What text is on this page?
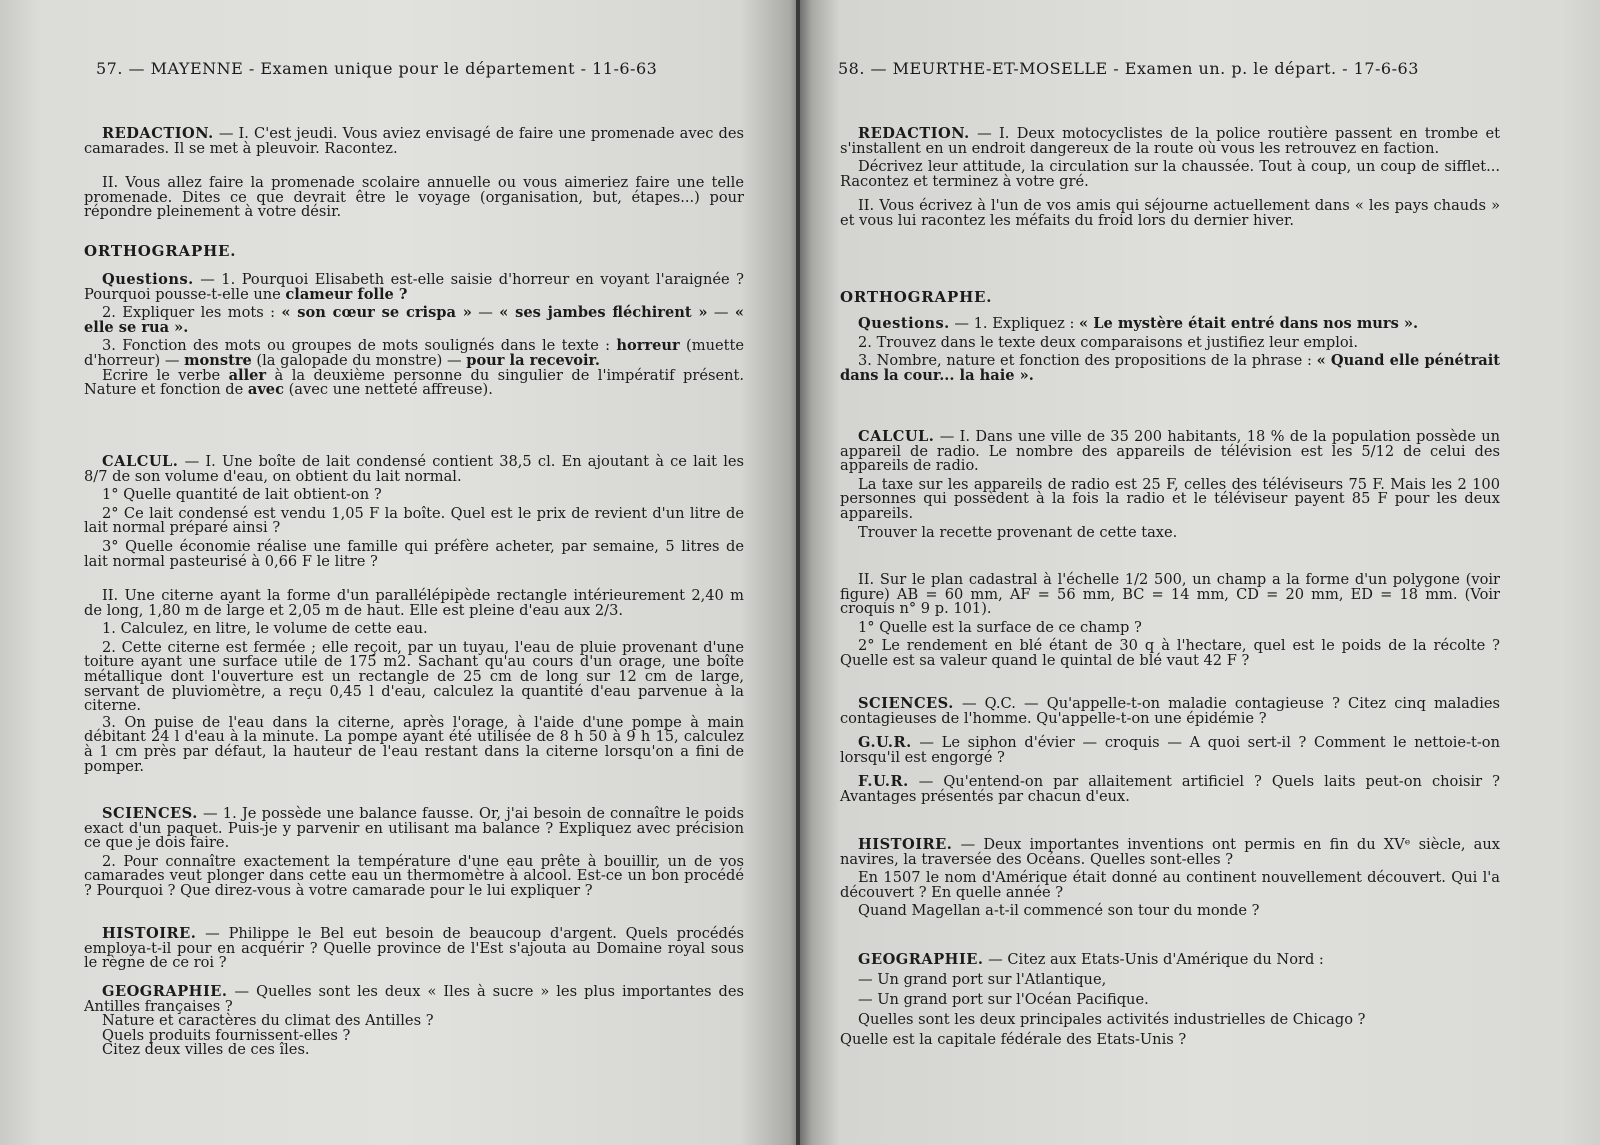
57. — MAYENNE - Examen unique pour le département - 11-6-63

REDACTION. — I. C'est jeudi. Vous aviez envisagé de faire une promenade avec des camarades. Il se met à pleuvoir. Racontez.

II. Vous allez faire la promenade scolaire annuelle ou vous aimeriez faire une telle promenade. Dites ce que devrait être le voyage (organisation, but, étapes...) pour répondre pleinement à votre désir.

ORTHOGRAPHE.

Questions. — 1. Pourquoi Elisabeth est-elle saisie d'horreur en voyant l'araignée ? Pourquoi pousse-t-elle une clameur folle ?

2. Expliquer les mots : « son cœur se crispa » — « ses jambes fléchirent » — « elle se rua ».

3. Fonction des mots ou groupes de mots soulignés dans le texte : horreur (muette d'horreur) — monstre (la galopade du monstre) — pour la recevoir.

Ecrire le verbe aller à la deuxième personne du singulier de l'impératif présent. Nature et fonction de avec (avec une netteté affreuse).

CALCUL. — I. Une boîte de lait condensé contient 38,5 cl. En ajoutant à ce lait les 8/7 de son volume d'eau, on obtient du lait normal.

1° Quelle quantité de lait obtient-on ?

2° Ce lait condensé est vendu 1,05 F la boîte. Quel est le prix de revient d'un litre de lait normal préparé ainsi ?

3° Quelle économie réalise une famille qui préfère acheter, par semaine, 5 litres de lait normal pasteurisé à 0,66 F le litre ?

II. Une citerne ayant la forme d'un parallélépipède rectangle intérieurement 2,40 m de long, 1,80 m de large et 2,05 m de haut. Elle est pleine d'eau aux 2/3.

1. Calculez, en litre, le volume de cette eau.

2. Cette citerne est fermée ; elle reçoit, par un tuyau, l'eau de pluie provenant d'une toiture ayant une surface utile de 175 m2. Sachant qu'au cours d'un orage, une boîte métallique dont l'ouverture est un rectangle de 25 cm de long sur 12 cm de large, servant de pluviomètre, a reçu 0,45 l d'eau, calculez la quantité d'eau parvenue à la citerne.

3. On puise de l'eau dans la citerne, après l'orage, à l'aide d'une pompe à main débitant 24 l d'eau à la minute. La pompe ayant été utilisée de 8 h 50 à 9 h 15, calculez à 1 cm près par défaut, la hauteur de l'eau restant dans la citerne lorsqu'on a fini de pomper.

SCIENCES. — 1. Je possède une balance fausse. Or, j'ai besoin de connaître le poids exact d'un paquet. Puis-je y parvenir en utilisant ma balance ? Expliquez avec précision ce que je dois faire.

2. Pour connaître exactement la température d'une eau prête à bouillir, un de vos camarades veut plonger dans cette eau un thermomètre à alcool. Est-ce un bon procédé ? Pourquoi ? Que direz-vous à votre camarade pour le lui expliquer ?

HISTOIRE. — Philippe le Bel eut besoin de beaucoup d'argent. Quels procédés employa-t-il pour en acquérir ? Quelle province de l'Est s'ajouta au Domaine royal sous le règne de ce roi ?

GEOGRAPHIE. — Quelles sont les deux « Iles à sucre » les plus importantes des Antilles françaises ?

Nature et caractères du climat des Antilles ?

Quels produits fournissent-elles ?

Citez deux villes de ces îles.

58. — MEURTHE-ET-MOSELLE - Examen un. p. le départ. - 17-6-63

REDACTION. — I. Deux motocyclistes de la police routière passent en trombe et s'installent en un endroit dangereux de la route où vous les retrouvez en faction.

Décrivez leur attitude, la circulation sur la chaussée. Tout à coup, un coup de sifflet... Racontez et terminez à votre gré.

II. Vous écrivez à l'un de vos amis qui séjourne actuellement dans « les pays chauds » et vous lui racontez les méfaits du froid lors du dernier hiver.

ORTHOGRAPHE.

Questions. — 1. Expliquez : « Le mystère était entré dans nos murs ».

2. Trouvez dans le texte deux comparaisons et justifiez leur emploi.

3. Nombre, nature et fonction des propositions de la phrase : « Quand elle pénétrait dans la cour... la haie ».

CALCUL. — I. Dans une ville de 35 200 habitants, 18 % de la population possède un appareil de radio. Le nombre des appareils de télévision est les 5/12 de celui des appareils de radio.

La taxe sur les appareils de radio est 25 F, celles des téléviseurs 75 F. Mais les 2 100 personnes qui possèdent à la fois la radio et le téléviseur payent 85 F pour les deux appareils.

Trouver la recette provenant de cette taxe.

II. Sur le plan cadastral à l'échelle 1/2 500, un champ a la forme d'un polygone (voir figure) AB = 60 mm, AF = 56 mm, BC = 14 mm, CD = 20 mm, ED = 18 mm. (Voir croquis n° 9 p. 101).

1° Quelle est la surface de ce champ ?

2° Le rendement en blé étant de 30 q à l'hectare, quel est le poids de la récolte ? Quelle est sa valeur quand le quintal de blé vaut 42 F ?

SCIENCES. — Q.C. — Qu'appelle-t-on maladie contagieuse ? Citez cinq maladies contagieuses de l'homme. Qu'appelle-t-on une épidémie ?

G.U.R. — Le siphon d'évier — croquis — A quoi sert-il ? Comment le nettoie-t-on lorsqu'il est engorgé ?

F.U.R. — Qu'entend-on par allaitement artificiel ? Quels laits peut-on choisir ? Avantages présentés par chacun d'eux.

HISTOIRE. — Deux importantes inventions ont permis en fin du XVᵉ siècle, aux navires, la traversée des Océans. Quelles sont-elles ?

En 1507 le nom d'Amérique était donné au continent nouvellement découvert. Qui l'a découvert ? En quelle année ?

Quand Magellan a-t-il commencé son tour du monde ?

GEOGRAPHIE. — Citez aux Etats-Unis d'Amérique du Nord :

— Un grand port sur l'Atlantique,

— Un grand port sur l'Océan Pacifique.

Quelles sont les deux principales activités industrielles de Chicago ?

Quelle est la capitale fédérale des Etats-Unis ?
